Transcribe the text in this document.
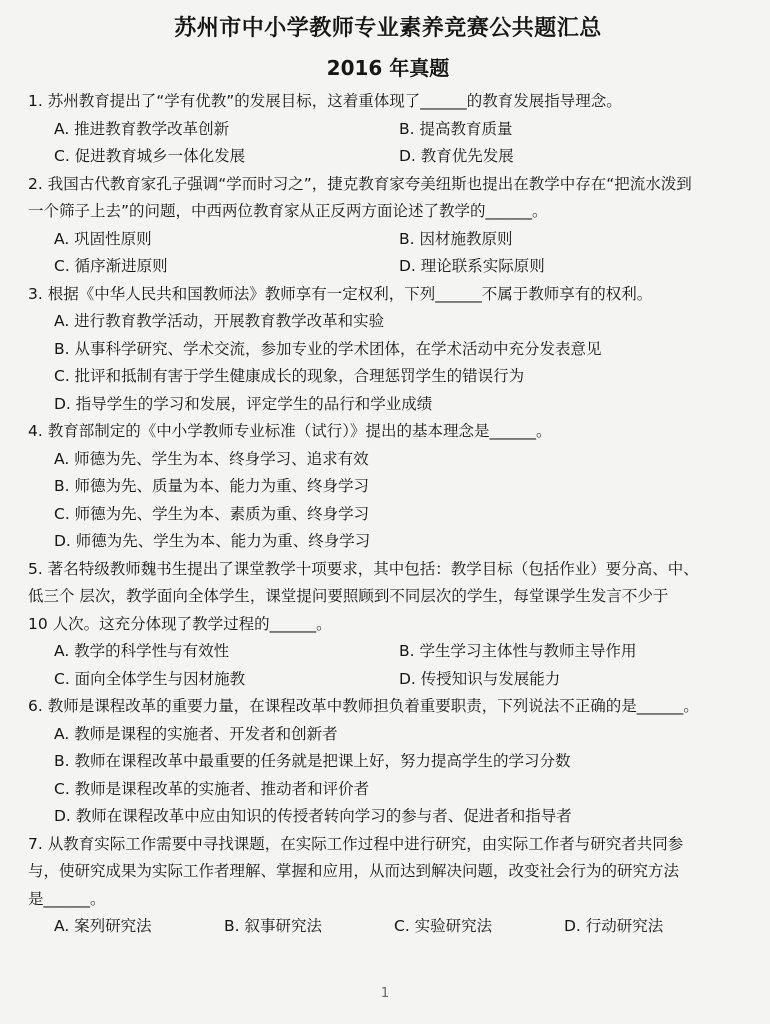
苏州市中小学教师专业素养竞赛公共题汇总
2016 年真题
1. 苏州教育提出了“学有优教”的发展目标，这着重体现了______的教育发展指导理念。
A. 推进教育教学改革创新	B. 提高教育质量
C. 促进教育城乡一体化发展	D. 教育优先发展
2. 我国古代教育家孔子强调“学而时习之”，捷克教育家夸美纽斯也提出在教学中存在“把流水泼到
一个筛子上去”的问题，中西两位教育家从正反两方面论述了教学的______。
A. 巩固性原则	B. 因材施教原则
C. 循序渐进原则	D. 理论联系实际原则
3. 根据《中华人民共和国教师法》教师享有一定权利，下列______不属于教师享有的权利。
A. 进行教育教学活动，开展教育教学改革和实验
B. 从事科学研究、学术交流，参加专业的学术团体，在学术活动中充分发表意见
C. 批评和抵制有害于学生健康成长的现象，合理惩罚学生的错误行为
D. 指导学生的学习和发展，评定学生的品行和学业成绩
4. 教育部制定的《中小学教师专业标准（试行）》提出的基本理念是______。
A. 师德为先、学生为本、终身学习、追求有效
B. 师德为先、质量为本、能力为重、终身学习
C. 师德为先、学生为本、素质为重、终身学习
D. 师德为先、学生为本、能力为重、终身学习
5. 著名特级教师魏书生提出了课堂教学十项要求，其中包括：教学目标（包括作业）要分高、中、
低三个 层次，教学面向全体学生，课堂提问要照顾到不同层次的学生，每堂课学生发言不少于
10 人次。这充分体现了教学过程的______。
A. 教学的科学性与有效性	B. 学生学习主体性与教师主导作用
C. 面向全体学生与因材施教	D. 传授知识与发展能力
6. 教师是课程改革的重要力量，在课程改革中教师担负着重要职责，下列说法不正确的是______。
A. 教师是课程的实施者、开发者和创新者
B. 教师在课程改革中最重要的任务就是把课上好，努力提高学生的学习分数
C. 教师是课程改革的实施者、推动者和评价者
D. 教师在课程改革中应由知识的传授者转向学习的参与者、促进者和指导者
7. 从教育实际工作需要中寻找课题，在实际工作过程中进行研究，由实际工作者与研究者共同参
与，使研究成果为实际工作者理解、掌握和应用，从而达到解决问题，改变社会行为的研究方法
是______。
A. 案列研究法	B. 叙事研究法	C. 实验研究法	D. 行动研究法
1
